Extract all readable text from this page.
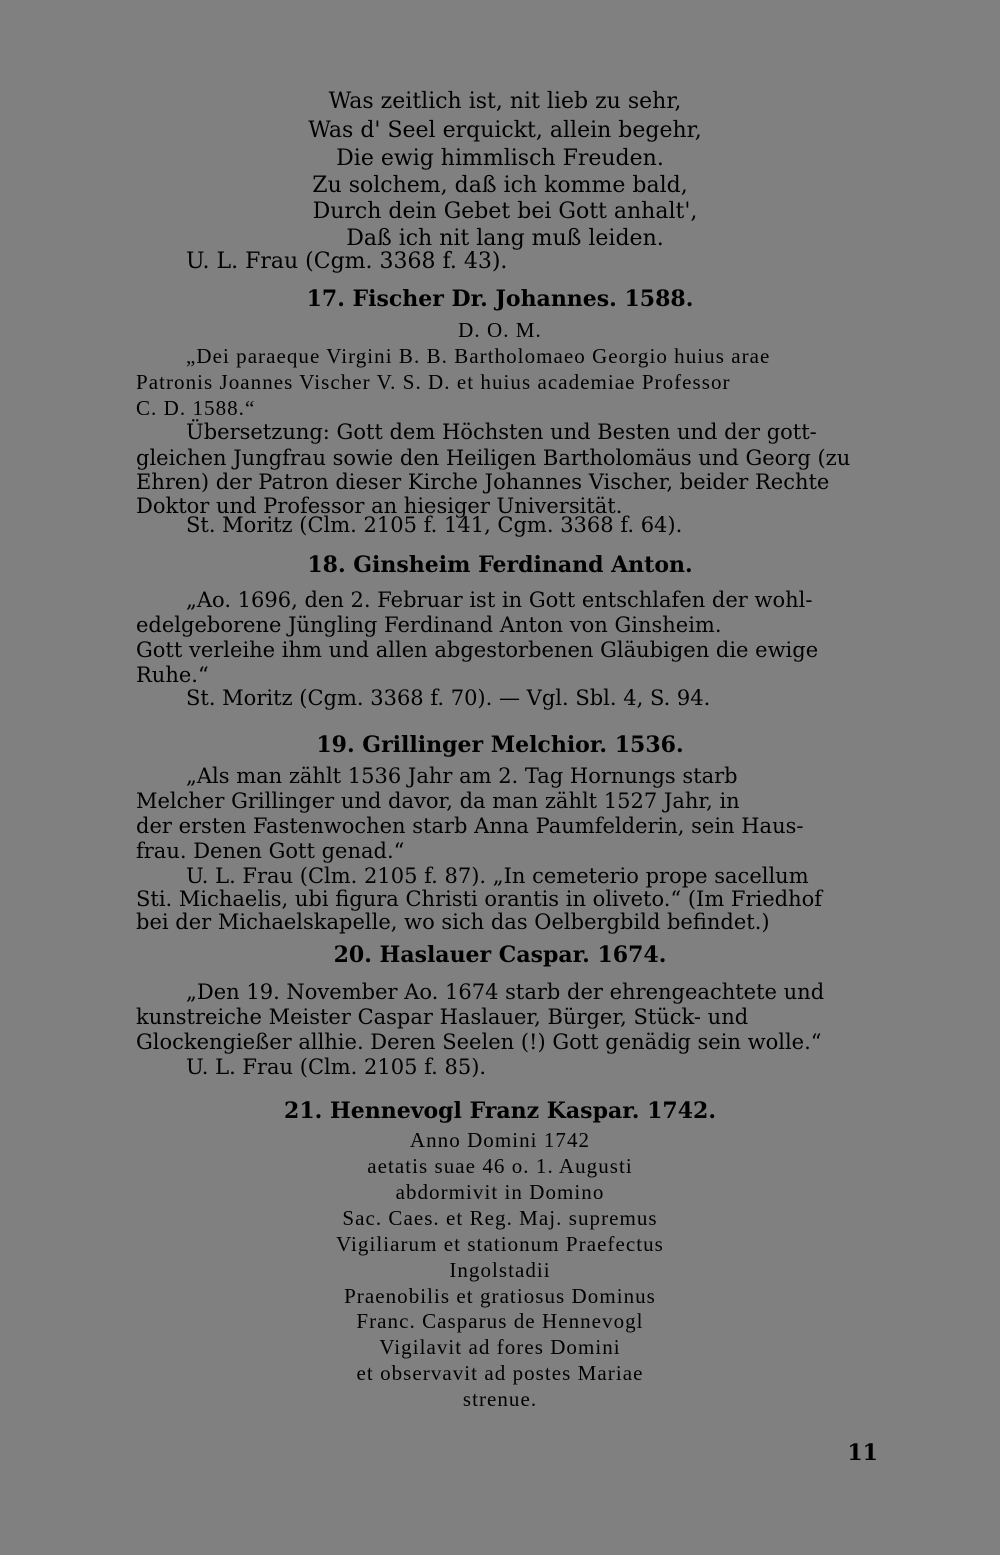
Was zeitlich ist, nit lieb zu sehr,
Was d' Seel erquickt, allein begehr,
Die ewig himmlisch Freuden.
Zu solchem, daß ich komme bald,
Durch dein Gebet bei Gott anhalt',
Daß ich nit lang muß leiden.
U. L. Frau (Cgm. 3368 f. 43).
17. Fischer Dr. Johannes. 1588.
D. O. M.
„Dei paraeque Virgini B. B. Bartholomaeo Georgio huius arae
Patronis Joannes Vischer V. S. D. et huius academiae Professor
C. D. 1588.“
Übersetzung: Gott dem Höchsten und Besten und der gott-
gleichen Jungfrau sowie den Heiligen Bartholomäus und Georg (zu
Ehren) der Patron dieser Kirche Johannes Vischer, beider Rechte
Doktor und Professor an hiesiger Universität.
St. Moritz (Clm. 2105 f. 141, Cgm. 3368 f. 64).
18. Ginsheim Ferdinand Anton.
„Ao. 1696, den 2. Februar ist in Gott entschlafen der wohl-
edelgeborene Jüngling Ferdinand Anton von Ginsheim.
Gott verleihe ihm und allen abgestorbenen Gläubigen die ewige
Ruhe.“
St. Moritz (Cgm. 3368 f. 70). — Vgl. Sbl. 4, S. 94.
19. Grillinger Melchior. 1536.
„Als man zählt 1536 Jahr am 2. Tag Hornungs starb
Melcher Grillinger und davor, da man zählt 1527 Jahr, in
der ersten Fastenwochen starb Anna Paumfelderin, sein Haus-
frau. Denen Gott genad.“
U. L. Frau (Clm. 2105 f. 87). „In cemeterio prope sacellum
Sti. Michaelis, ubi figura Christi orantis in oliveto.“ (Im Friedhof
bei der Michaelskapelle, wo sich das Oelbergbild befindet.)
20. Haslauer Caspar. 1674.
„Den 19. November Ao. 1674 starb der ehrengeachtete und
kunstreiche Meister Caspar Haslauer, Bürger, Stück- und
Glockengießer allhie. Deren Seelen (!) Gott genädig sein wolle.“
U. L. Frau (Clm. 2105 f. 85).
21. Hennevogl Franz Kaspar. 1742.
Anno Domini 1742
aetatis suae 46 o. 1. Augusti
abdormivit in Domino
Sac. Caes. et Reg. Maj. supremus
Vigiliarum et stationum Praefectus
Ingolstadii
Praenobilis et gratiosus Dominus
Franc. Casparus de Hennevogl
Vigilavit ad fores Domini
et observavit ad postes Mariae
strenue.
11
